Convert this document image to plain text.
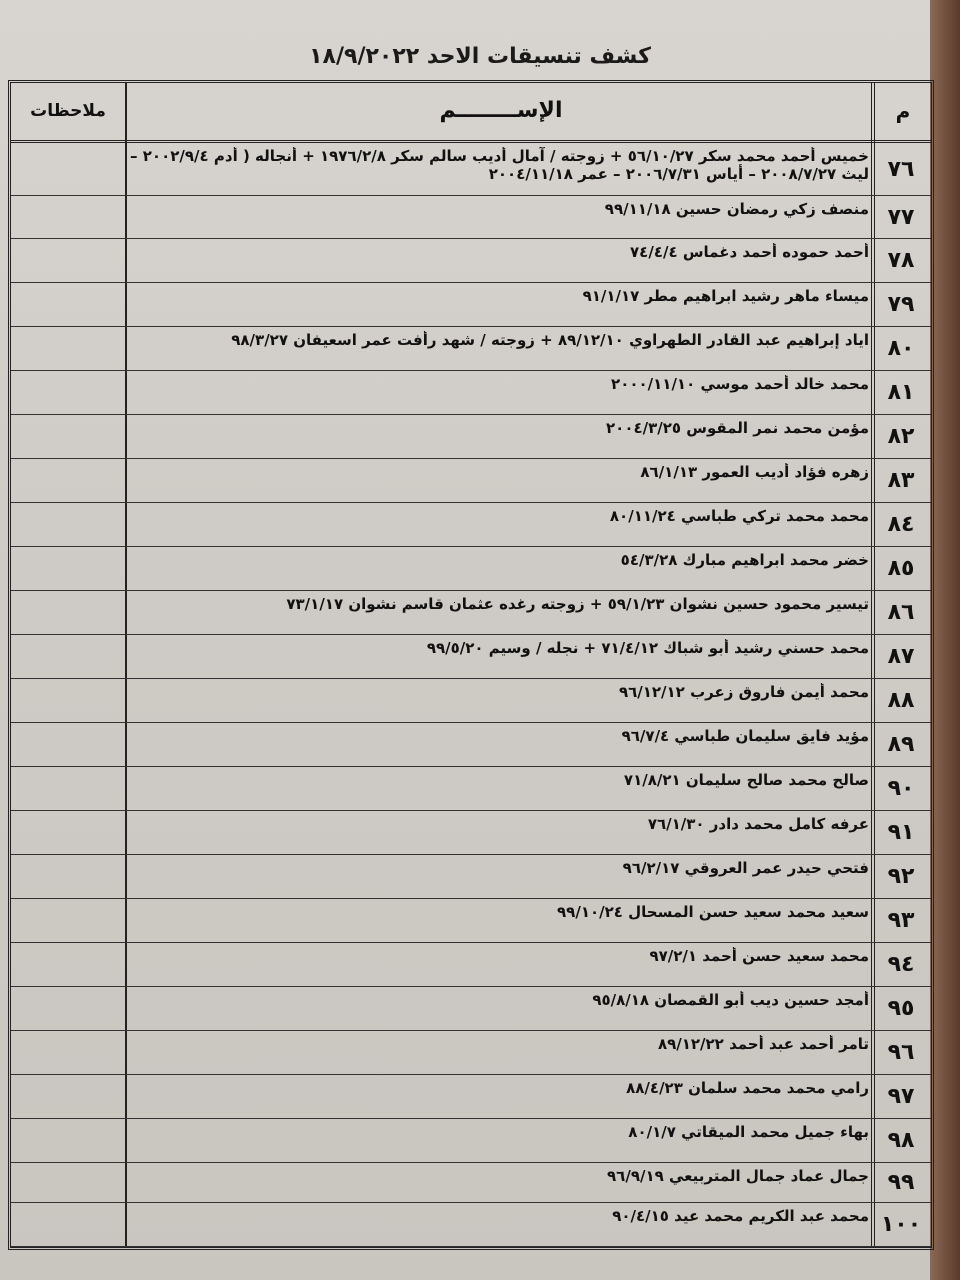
كشف تنسيقات الاحد ١٨/٩/٢٠٢٢
م
الإســــــــم
ملاحظات
٧٦
خميس أحمد محمد سكر ٥٦/١٠/٢٧ + زوجته / آمال أديب سالم سكر ١٩٧٦/٢/٨ + أنجاله ( أدم ٢٠٠٢/٩/٤ – ليث ٢٠٠٨/٧/٢٧ – أياس ٢٠٠٦/٧/٣١ – عمر ٢٠٠٤/١١/١٨
٧٧
منصف زكي رمضان حسين ٩٩/١١/١٨
٧٨
أحمد حموده أحمد دغماس ٧٤/٤/٤
٧٩
ميساء ماهر رشيد ابراهيم مطر ٩١/١/١٧
٨٠
اياد إبراهيم عبد القادر الطهراوي ٨٩/١٢/١٠ + زوجته / شهد رأفت عمر اسعيفان ٩٨/٣/٢٧
٨١
محمد خالد أحمد موسي ٢٠٠٠/١١/١٠
٨٢
مؤمن محمد نمر المقوس ٢٠٠٤/٣/٢٥
٨٣
زهره فؤاد أديب العمور ٨٦/١/١٣
٨٤
محمد محمد تركي طباسي ٨٠/١١/٢٤
٨٥
خضر محمد ابراهيم مبارك ٥٤/٣/٢٨
٨٦
تيسير محمود حسين نشوان ٥٩/١/٢٣ + زوجته رغده عثمان قاسم نشوان ٧٣/١/١٧
٨٧
محمد حسني رشيد أبو شباك ٧١/٤/١٢ + نجله / وسيم ٩٩/٥/٢٠
٨٨
محمد أيمن فاروق زعرب ٩٦/١٢/١٢
٨٩
مؤيد فايق سليمان طباسي ٩٦/٧/٤
٩٠
صالح محمد صالح سليمان ٧١/٨/٢١
٩١
عرفه كامل محمد دادر ٧٦/١/٣٠
٩٢
فتحي حيدر عمر العروقي ٩٦/٢/١٧
٩٣
سعيد محمد سعيد حسن المسحال ٩٩/١٠/٢٤
٩٤
محمد سعيد حسن أحمد ٩٧/٢/١
٩٥
أمجد حسين ديب أبو القمصان ٩٥/٨/١٨
٩٦
تامر أحمد عبد أحمد ٨٩/١٢/٢٢
٩٧
رامي محمد محمد سلمان ٨٨/٤/٢٣
٩٨
بهاء جميل محمد الميقاتي ٨٠/١/٧
٩٩
جمال عماد جمال المتربيعي ٩٦/٩/١٩
١٠٠
محمد عبد الكريم محمد عيد ٩٠/٤/١٥
